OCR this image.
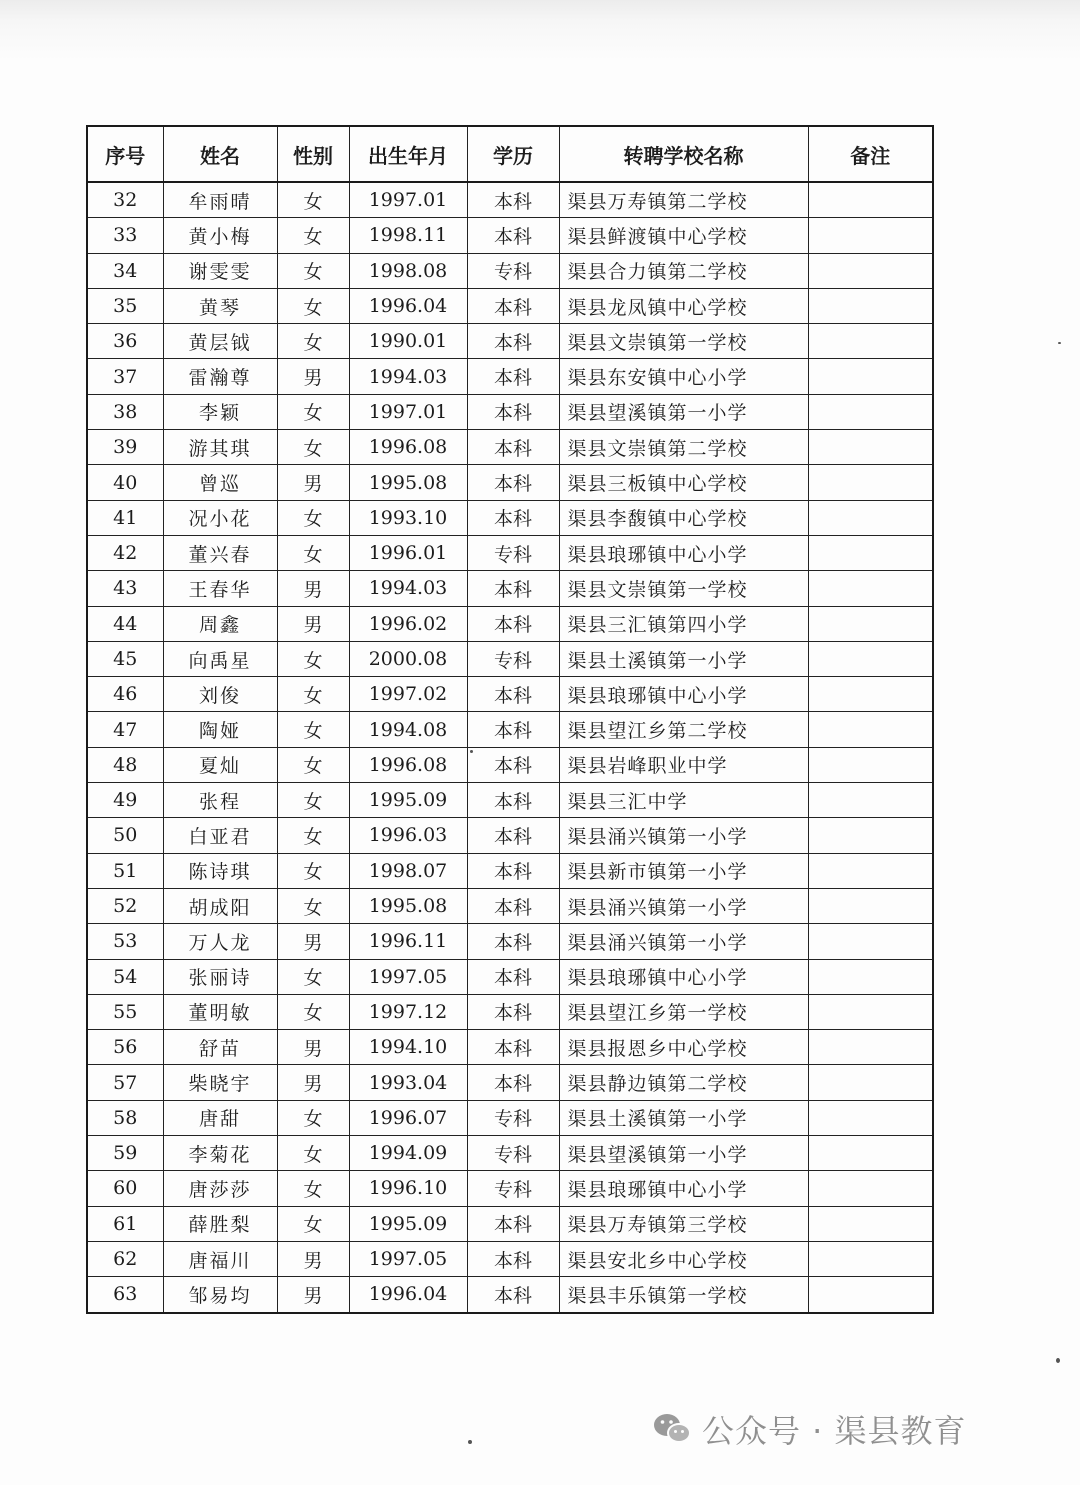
序号	姓名	性别	出生年月	学历	转聘学校名称	备注
32	牟雨晴	女	1997.01	本科	渠县万寿镇第二学校	
33	黄小梅	女	1998.11	本科	渠县鲜渡镇中心学校	
34	谢雯雯	女	1998.08	专科	渠县合力镇第二学校	
35	黄琴	女	1996.04	本科	渠县龙凤镇中心学校	
36	黄层钺	女	1990.01	本科	渠县文崇镇第一学校	
37	雷瀚尊	男	1994.03	本科	渠县东安镇中心小学	
38	李颖	女	1997.01	本科	渠县望溪镇第一小学	
39	游其琪	女	1996.08	本科	渠县文崇镇第二学校	
40	曾巡	男	1995.08	本科	渠县三板镇中心学校	
41	况小花	女	1993.10	本科	渠县李馥镇中心学校	
42	董兴春	女	1996.01	专科	渠县琅琊镇中心小学	
43	王春华	男	1994.03	本科	渠县文崇镇第一学校	
44	周鑫	男	1996.02	本科	渠县三汇镇第四小学	
45	向禹星	女	2000.08	专科	渠县土溪镇第一小学	
46	刘俊	女	1997.02	本科	渠县琅琊镇中心小学	
47	陶娅	女	1994.08	本科	渠县望江乡第二学校	
48	夏灿	女	1996.08	本科	渠县岩峰职业中学	
49	张程	女	1995.09	本科	渠县三汇中学	
50	白亚君	女	1996.03	本科	渠县涌兴镇第一小学	
51	陈诗琪	女	1998.07	本科	渠县新市镇第一小学	
52	胡成阳	女	1995.08	本科	渠县涌兴镇第一小学	
53	万人龙	男	1996.11	本科	渠县涌兴镇第一小学	
54	张丽诗	女	1997.05	本科	渠县琅琊镇中心小学	
55	董明敏	女	1997.12	本科	渠县望江乡第一学校	
56	舒苗	男	1994.10	本科	渠县报恩乡中心学校	
57	柴晓宇	男	1993.04	本科	渠县静边镇第二学校	
58	唐甜	女	1996.07	专科	渠县土溪镇第一小学	
59	李菊花	女	1994.09	专科	渠县望溪镇第一小学	
60	唐莎莎	女	1996.10	专科	渠县琅琊镇中心小学	
61	薛胜梨	女	1995.09	本科	渠县万寿镇第三学校	
62	唐福川	男	1997.05	本科	渠县安北乡中心学校	
63	邹易均	男	1996.04	本科	渠县丰乐镇第一学校	
公众号 · 渠县教育
